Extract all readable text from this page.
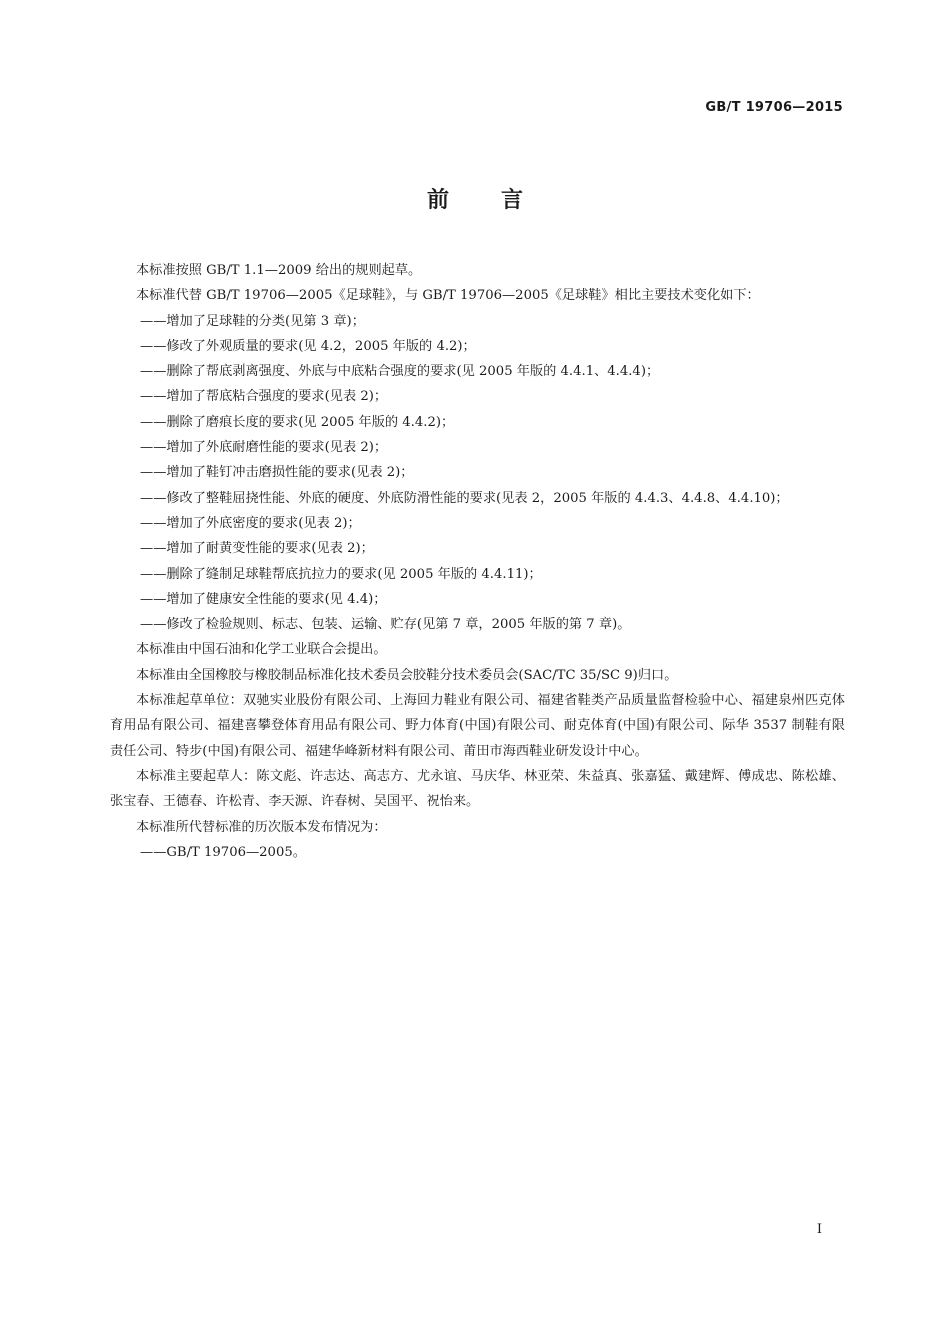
GB/T 19706—2015
前言

本标准按照 GB/T 1.1—2009 给出的规则起草。

本标准代替 GB/T 19706—2005《足球鞋》，与 GB/T 19706—2005《足球鞋》相比主要技术变化如下：

——增加了足球鞋的分类(见第 3 章)；

——修改了外观质量的要求(见 4.2，2005 年版的 4.2)；

——删除了帮底剥离强度、外底与中底粘合强度的要求(见 2005 年版的 4.4.1、4.4.4)；

——增加了帮底粘合强度的要求(见表 2)；

——删除了磨痕长度的要求(见 2005 年版的 4.4.2)；

——增加了外底耐磨性能的要求(见表 2)；

——增加了鞋钉冲击磨损性能的要求(见表 2)；

——修改了整鞋屈挠性能、外底的硬度、外底防滑性能的要求(见表 2，2005 年版的 4.4.3、4.4.8、4.4.10)；

——增加了外底密度的要求(见表 2)；

——增加了耐黄变性能的要求(见表 2)；

——删除了缝制足球鞋帮底抗拉力的要求(见 2005 年版的 4.4.11)；

——增加了健康安全性能的要求(见 4.4)；

——修改了检验规则、标志、包装、运输、贮存(见第 7 章，2005 年版的第 7 章)。

本标准由中国石油和化学工业联合会提出。

本标准由全国橡胶与橡胶制品标准化技术委员会胶鞋分技术委员会(SAC/TC 35/SC 9)归口。

本标准起草单位：双驰实业股份有限公司、上海回力鞋业有限公司、福建省鞋类产品质量监督检验中心、福建泉州匹克体育用品有限公司、福建喜攀登体育用品有限公司、野力体育(中国)有限公司、耐克体育(中国)有限公司、际华 3537 制鞋有限责任公司、特步(中国)有限公司、福建华峰新材料有限公司、莆田市海西鞋业研发设计中心。

本标准主要起草人：陈文彪、许志达、高志方、尤永谊、马庆华、林亚荣、朱益真、张嘉猛、戴建辉、傅成忠、陈松雄、张宝春、王德春、许松青、李天源、许春树、吴国平、祝怡来。

本标准所代替标准的历次版本发布情况为：

——GB/T 19706—2005。

I
